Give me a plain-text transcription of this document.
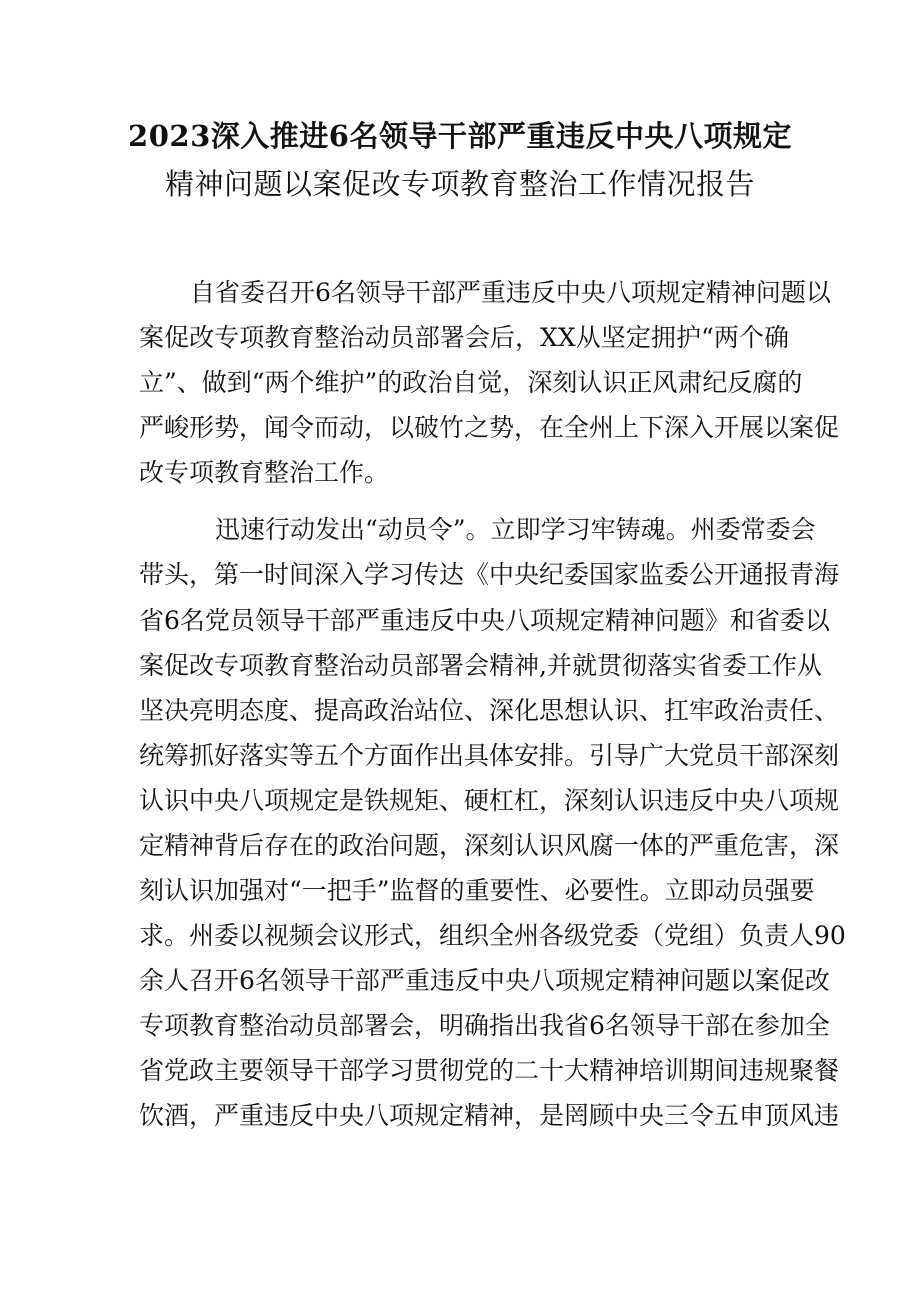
2023深入推进6名领导干部严重违反中央八项规定
精神问题以案促改专项教育整治工作情况报告
自省委召开6名领导干部严重违反中央八项规定精神问题以
案促改专项教育整治动员部署会后，XX从坚定拥护“两个确
立”、做到“两个维护”的政治自觉，深刻认识正风肃纪反腐的
严峻形势，闻令而动，以破竹之势，在全州上下深入开展以案促
改专项教育整治工作。
迅速行动发出“动员令”。立即学习牢铸魂。州委常委会
带头，第一时间深入学习传达《中央纪委国家监委公开通报青海
省6名党员领导干部严重违反中央八项规定精神问题》和省委以
案促改专项教育整治动员部署会精神,并就贯彻落实省委工作从
坚决亮明态度、提高政治站位、深化思想认识、扛牢政治责任、
统筹抓好落实等五个方面作出具体安排。引导广大党员干部深刻
认识中央八项规定是铁规矩、硬杠杠，深刻认识违反中央八项规
定精神背后存在的政治问题，深刻认识风腐一体的严重危害，深
刻认识加强对“一把手”监督的重要性、必要性。立即动员强要
求。州委以视频会议形式，组织全州各级党委（党组）负责人90
余人召开6名领导干部严重违反中央八项规定精神问题以案促改
专项教育整治动员部署会，明确指出我省6名领导干部在参加全
省党政主要领导干部学习贯彻党的二十大精神培训期间违规聚餐
饮酒，严重违反中央八项规定精神，是罔顾中央三令五申顶风违
